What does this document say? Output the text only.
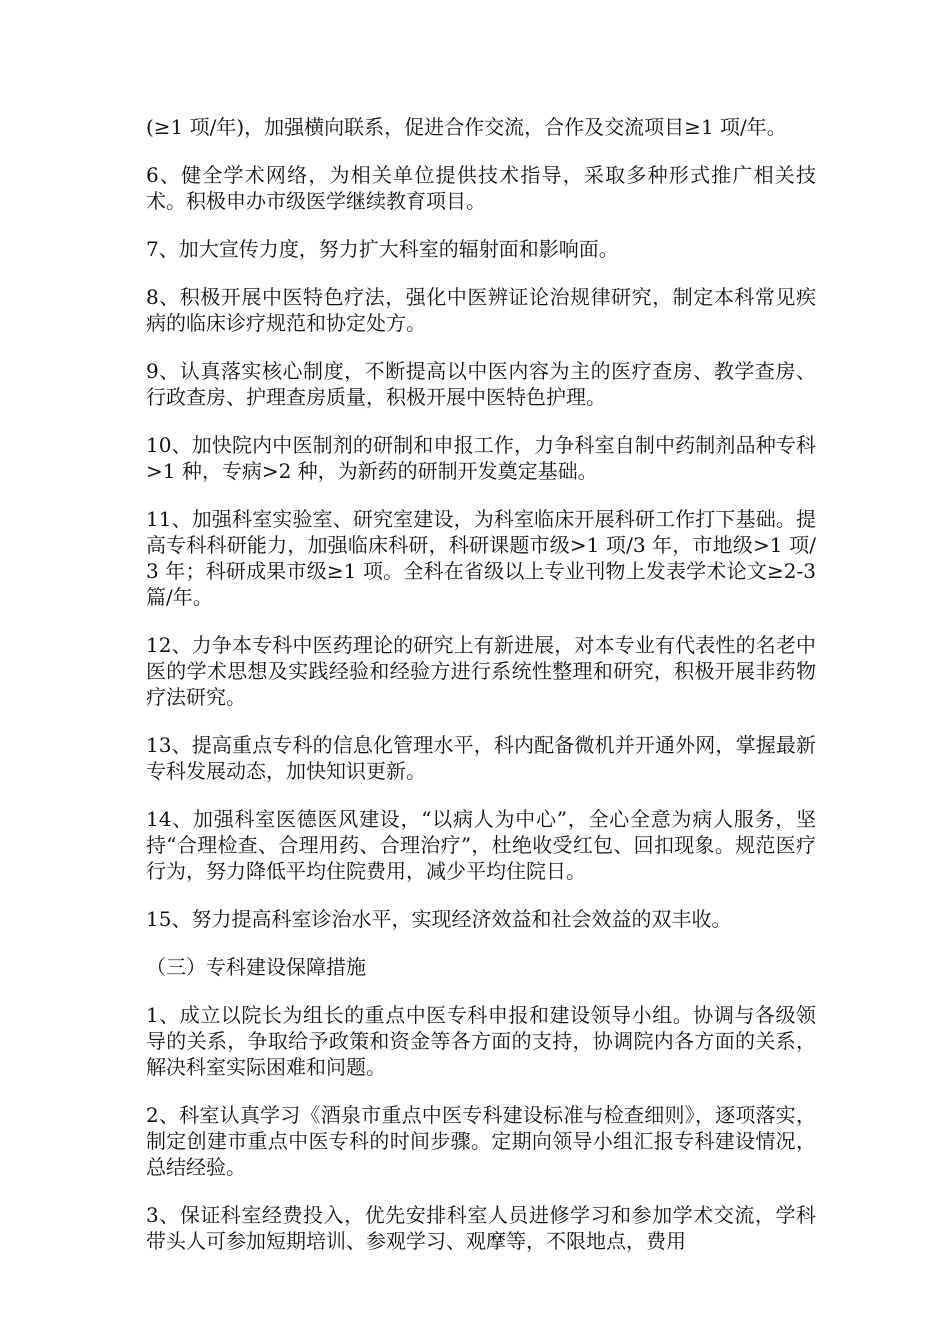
(≥1 项/年)，加强横向联系，促进合作交流，合作及交流项目≥1 项/年。

6、健全学术网络，为相关单位提供技术指导，采取多种形式推广相关技术。积极申办市级医学继续教育项目。

7、加大宣传力度，努力扩大科室的辐射面和影响面。

8、积极开展中医特色疗法，强化中医辨证论治规律研究，制定本科常见疾病的临床诊疗规范和协定处方。

9、认真落实核心制度，不断提高以中医内容为主的医疗查房、教学查房、行政查房、护理查房质量，积极开展中医特色护理。

10、加快院内中医制剂的研制和申报工作，力争科室自制中药制剂品种专科>1 种，专病>2 种，为新药的研制开发奠定基础。

11、加强科室实验室、研究室建设，为科室临床开展科研工作打下基础。提高专科科研能力，加强临床科研，科研课题市级>1 项/3 年，市地级>1 项/3 年；科研成果市级≥1 项。全科在省级以上专业刊物上发表学术论文≥2-3 篇/年。

12、力争本专科中医药理论的研究上有新进展，对本专业有代表性的名老中医的学术思想及实践经验和经验方进行系统性整理和研究，积极开展非药物疗法研究。

13、提高重点专科的信息化管理水平，科内配备微机并开通外网，掌握最新专科发展动态，加快知识更新。

14、加强科室医德医风建设，“以病人为中心”，全心全意为病人服务，坚持“合理检查、合理用药、合理治疗”，杜绝收受红包、回扣现象。规范医疗行为，努力降低平均住院费用，减少平均住院日。

15、努力提高科室诊治水平，实现经济效益和社会效益的双丰收。

（三）专科建设保障措施

1、成立以院长为组长的重点中医专科申报和建设领导小组。协调与各级领导的关系，争取给予政策和资金等各方面的支持，协调院内各方面的关系，解决科室实际困难和问题。

2、科室认真学习《酒泉市重点中医专科建设标准与检查细则》，逐项落实，制定创建市重点中医专科的时间步骤。定期向领导小组汇报专科建设情况，总结经验。

3、保证科室经费投入，优先安排科室人员进修学习和参加学术交流，学科带头人可参加短期培训、参观学习、观摩等，不限地点，费用
